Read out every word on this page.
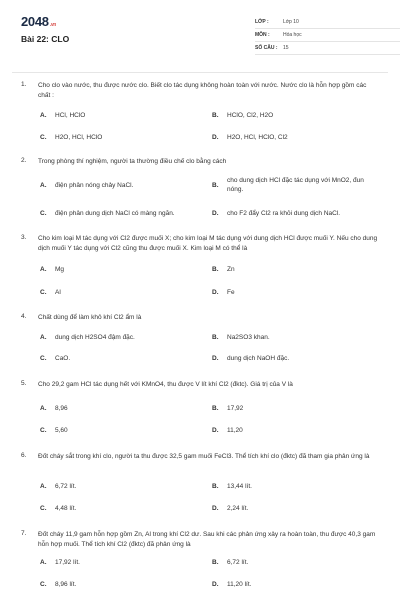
2048.vn
Bài 22: CLO
LỚP :	Lớp 10
MÔN :	Hóa học
SỐ CÂU :	15
1. Cho clo vào nước, thu được nước clo. Biết clo tác dụng không hoàn toàn với nước. Nước clo là hỗn hợp gồm các chất :
A. HCl, HClO	B. HClO, Cl2, H2O
C. H2O, HCl, HClO	D. H2O, HCl, HClO, Cl2
2. Trong phòng thí nghiệm, người ta thường điều chế clo bằng cách
A. điện phân nóng chảy NaCl.	B.
cho dung dịch HCl đặc tác dụng với MnO2, đun nóng.
C. điện phân dung dịch NaCl có màng ngăn.	D. cho F2 đẩy Cl2 ra khỏi dung dịch NaCl.
3. Cho kim loại M tác dụng với Cl2 được muối X; cho kim loại M tác dụng với dung dịch HCl được muối Y. Nếu cho dung dịch muối Y tác dụng với Cl2 cũng thu được muối X. Kim loại M có thể là
A. Mg	B. Zn
C. Al	D. Fe
4. Chất dùng để làm khô khí Cl2 ẩm là
A. dung dịch H2SO4 đậm đặc.	B. Na2SO3 khan.
C. CaO.	D. dung dịch NaOH đặc.
5. Cho 29,2 gam HCl tác dụng hết với KMnO4, thu được V lít khí Cl2 (đktc). Giá trị của V là
A. 8,96	B. 17,92
C. 5,60	D. 11,20
6. Đốt cháy sắt trong khí clo, người ta thu được 32,5 gam muối FeCl3. Thể tích khí clo (đktc) đã tham gia phản ứng là
A. 6,72 lít.	B. 13,44 lít.
C. 4,48 lít.	D. 2,24 lít.
7. Đốt cháy 11,9 gam hỗn hợp gồm Zn, Al trong khí Cl2 dư. Sau khi các phản ứng xảy ra hoàn toàn, thu được 40,3 gam hỗn hợp muối. Thể tích khí Cl2 (đktc) đã phản ứng là
A. 17,92 lít.	B. 6,72 lít.
C. 8,96 lít.	D. 11,20 lít.
